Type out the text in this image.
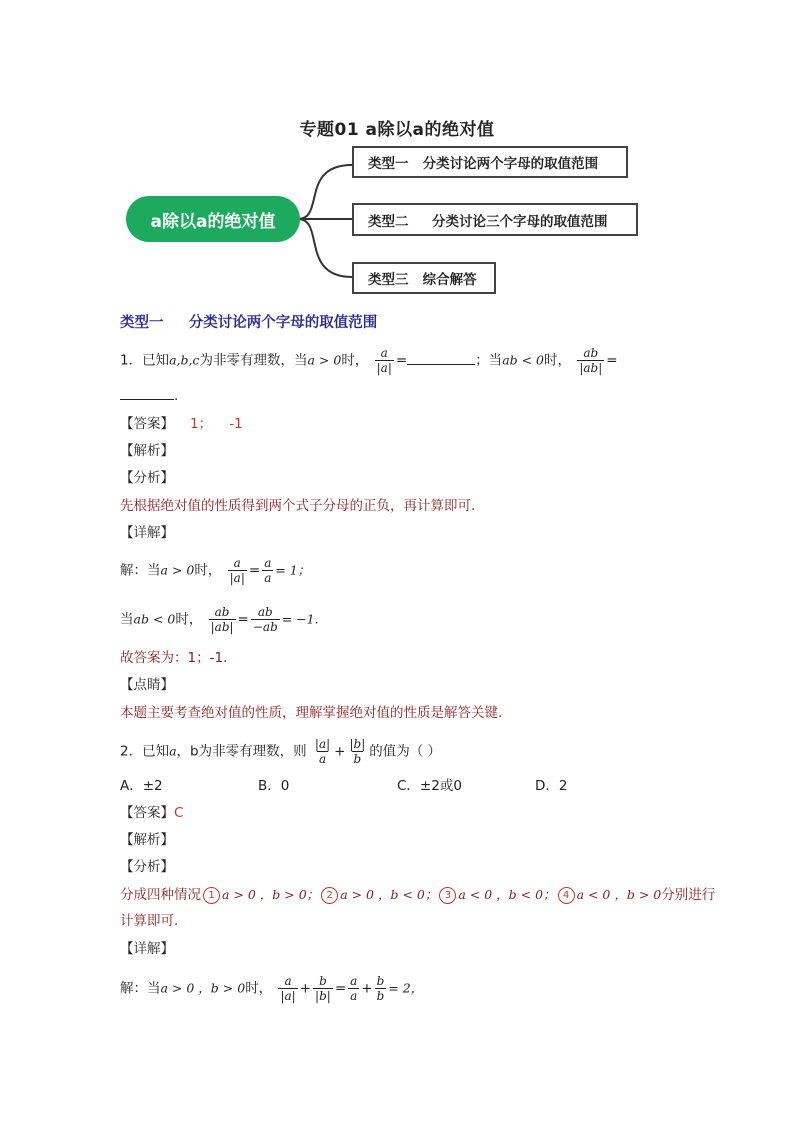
专题01 a除以a的绝对值
a除以a的绝对值
类型一   分类讨论两个字母的取值范围
类型二     分类讨论三个字母的取值范围
类型三   综合解答
类型一     分类讨论两个字母的取值范围
1．已知a,b,c为非零有理数，当a > 0时， $\frac{a}{|a|}$ =	；当ab < 0时， $\frac{ab}{|ab|}$ =
.
【答案】 1；    -1
【解析】
【分析】
先根据绝对值的性质得到两个式子分母的正负，再计算即可.
【详解】
解：当a > 0时， $\frac{a}{|a|} = \frac{a}{a} = 1$；
当ab < 0时， $\frac{ab}{|ab|} = \frac{ab}{-ab} = -1$.
故答案为：1；-1.
【点睛】
本题主要考查绝对值的性质，理解掌握绝对值的性质是解答关键.
2．已知a，b为非零有理数，则 $\frac{|a|}{a} + \frac{|b|}{b}$ 的值为（ ）
A．±2	B．0	C．±2或0	D．2
【答案】C
【解析】
【分析】
分成四种情况 1 a > 0 ，b > 0； 2 a > 0 ，b < 0； 3 a < 0 ，b < 0； 4 a < 0 ，b > 0分别进行
计算即可.
【详解】
解：当a > 0 ，b > 0时， $\frac{a}{|a|} + \frac{b}{|b|} = \frac{a}{a} + \frac{b}{b} = 2$，
